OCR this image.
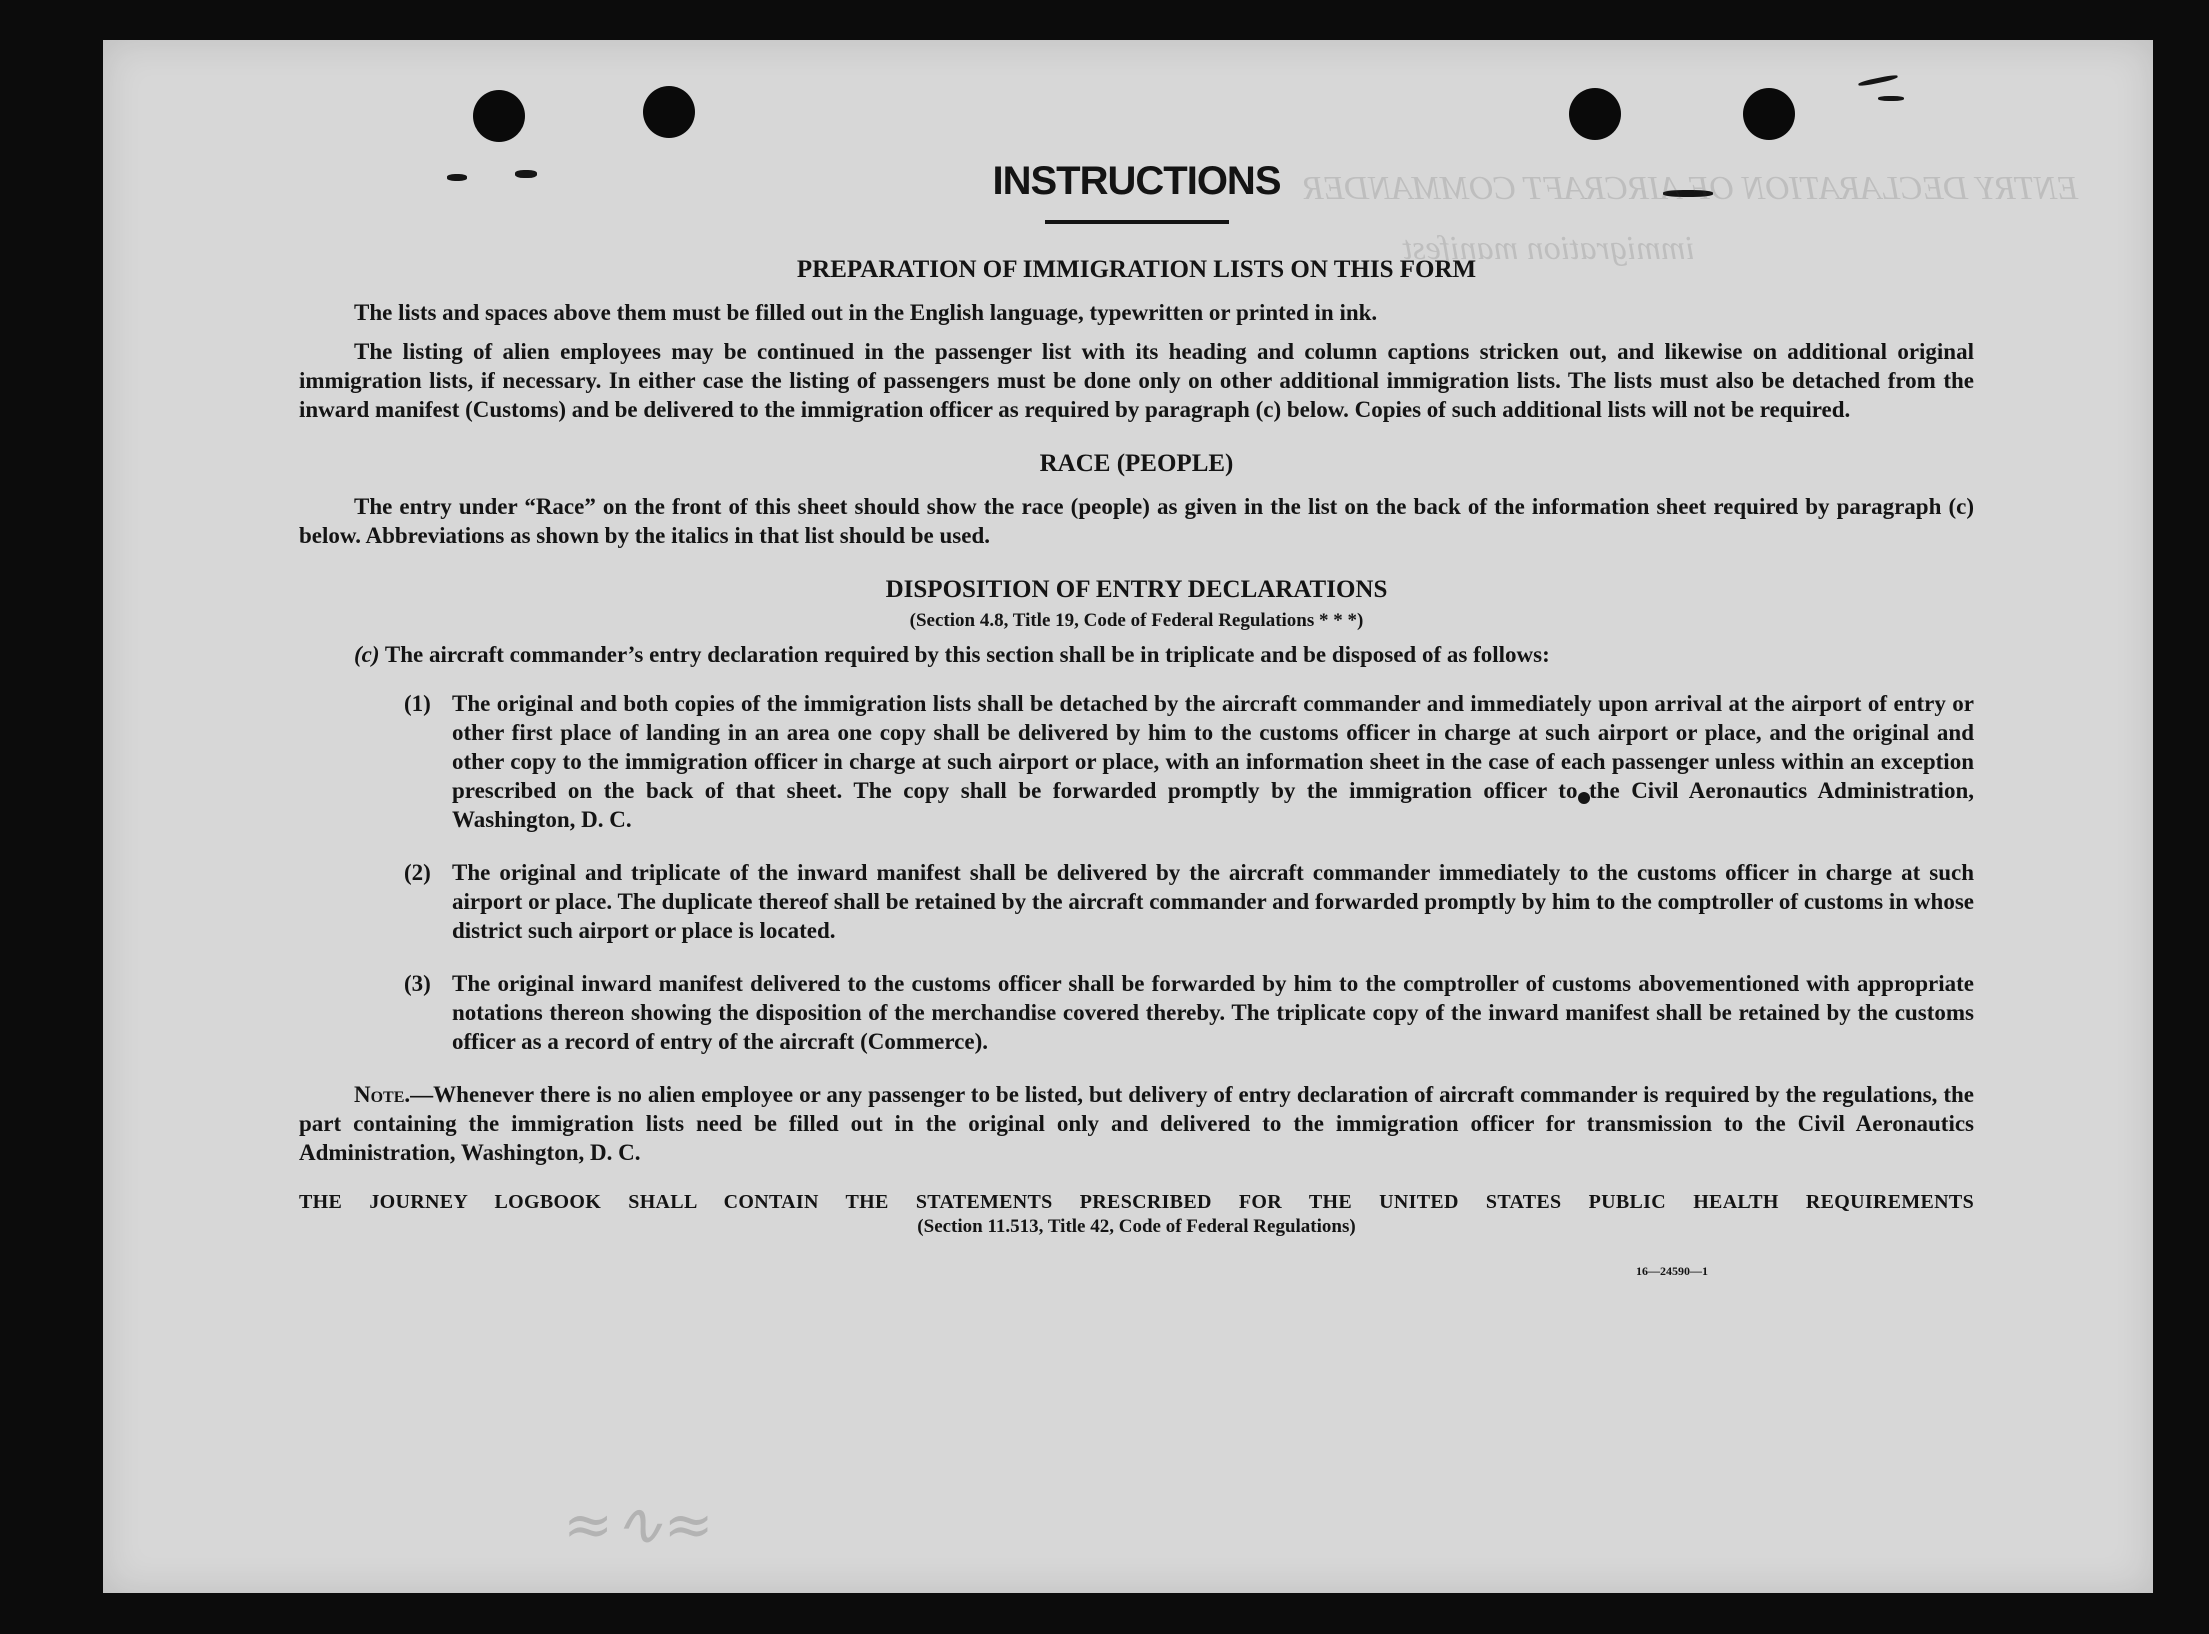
ENTRY DECLARATION OF AIRCRAFT COMMANDER
immigration manifest
≈∿≈
INSTRUCTIONS
PREPARATION OF IMMIGRATION LISTS ON THIS FORM

The lists and spaces above them must be filled out in the English language, typewritten or printed in ink.

The listing of alien employees may be continued in the passenger list with its heading and column captions stricken out, and likewise on additional original immigration lists, if necessary. In either case the listing of passengers must be done only on other additional immigration lists. The lists must also be detached from the inward manifest (Customs) and be delivered to the immigration officer as required by paragraph (c) below. Copies of such additional lists will not be required.

RACE (PEOPLE)

The entry under “Race” on the front of this sheet should show the race (people) as given in the list on the back of the information sheet required by paragraph (c) below. Abbreviations as shown by the italics in that list should be used.

DISPOSITION OF ENTRY DECLARATIONS
(Section 4.8, Title 19, Code of Federal Regulations * * *)

(c) The aircraft commander’s entry declaration required by this section shall be in triplicate and be disposed of as follows:

(1) The original and both copies of the immigration lists shall be detached by the aircraft commander and immediately upon arrival at the airport of entry or other first place of landing in an area one copy shall be delivered by him to the customs officer in charge at such airport or place, and the original and other copy to the immigration officer in charge at such airport or place, with an information sheet in the case of each passenger unless within an exception prescribed on the back of that sheet. The copy shall be forwarded promptly by the immigration officer to the Civil Aeronautics Administration, Washington, D. C.

(2) The original and triplicate of the inward manifest shall be delivered by the aircraft commander immediately to the customs officer in charge at such airport or place. The duplicate thereof shall be retained by the aircraft commander and forwarded promptly by him to the comptroller of customs in whose district such airport or place is located.

(3) The original inward manifest delivered to the customs officer shall be forwarded by him to the comptroller of customs abovementioned with appropriate notations thereon showing the disposition of the merchandise covered thereby. The triplicate copy of the inward manifest shall be retained by the customs officer as a record of entry of the aircraft (Commerce).

Note.—Whenever there is no alien employee or any passenger to be listed, but delivery of entry declaration of aircraft commander is required by the regulations, the part containing the immigration lists need be filled out in the original only and delivered to the immigration officer for transmission to the Civil Aeronautics Administration, Washington, D. C.

THE JOURNEY LOGBOOK SHALL CONTAIN THE STATEMENTS PRESCRIBED FOR THE UNITED STATES PUBLIC HEALTH REQUIREMENTS
(Section 11.513, Title 42, Code of Federal Regulations)
16—24590—1
